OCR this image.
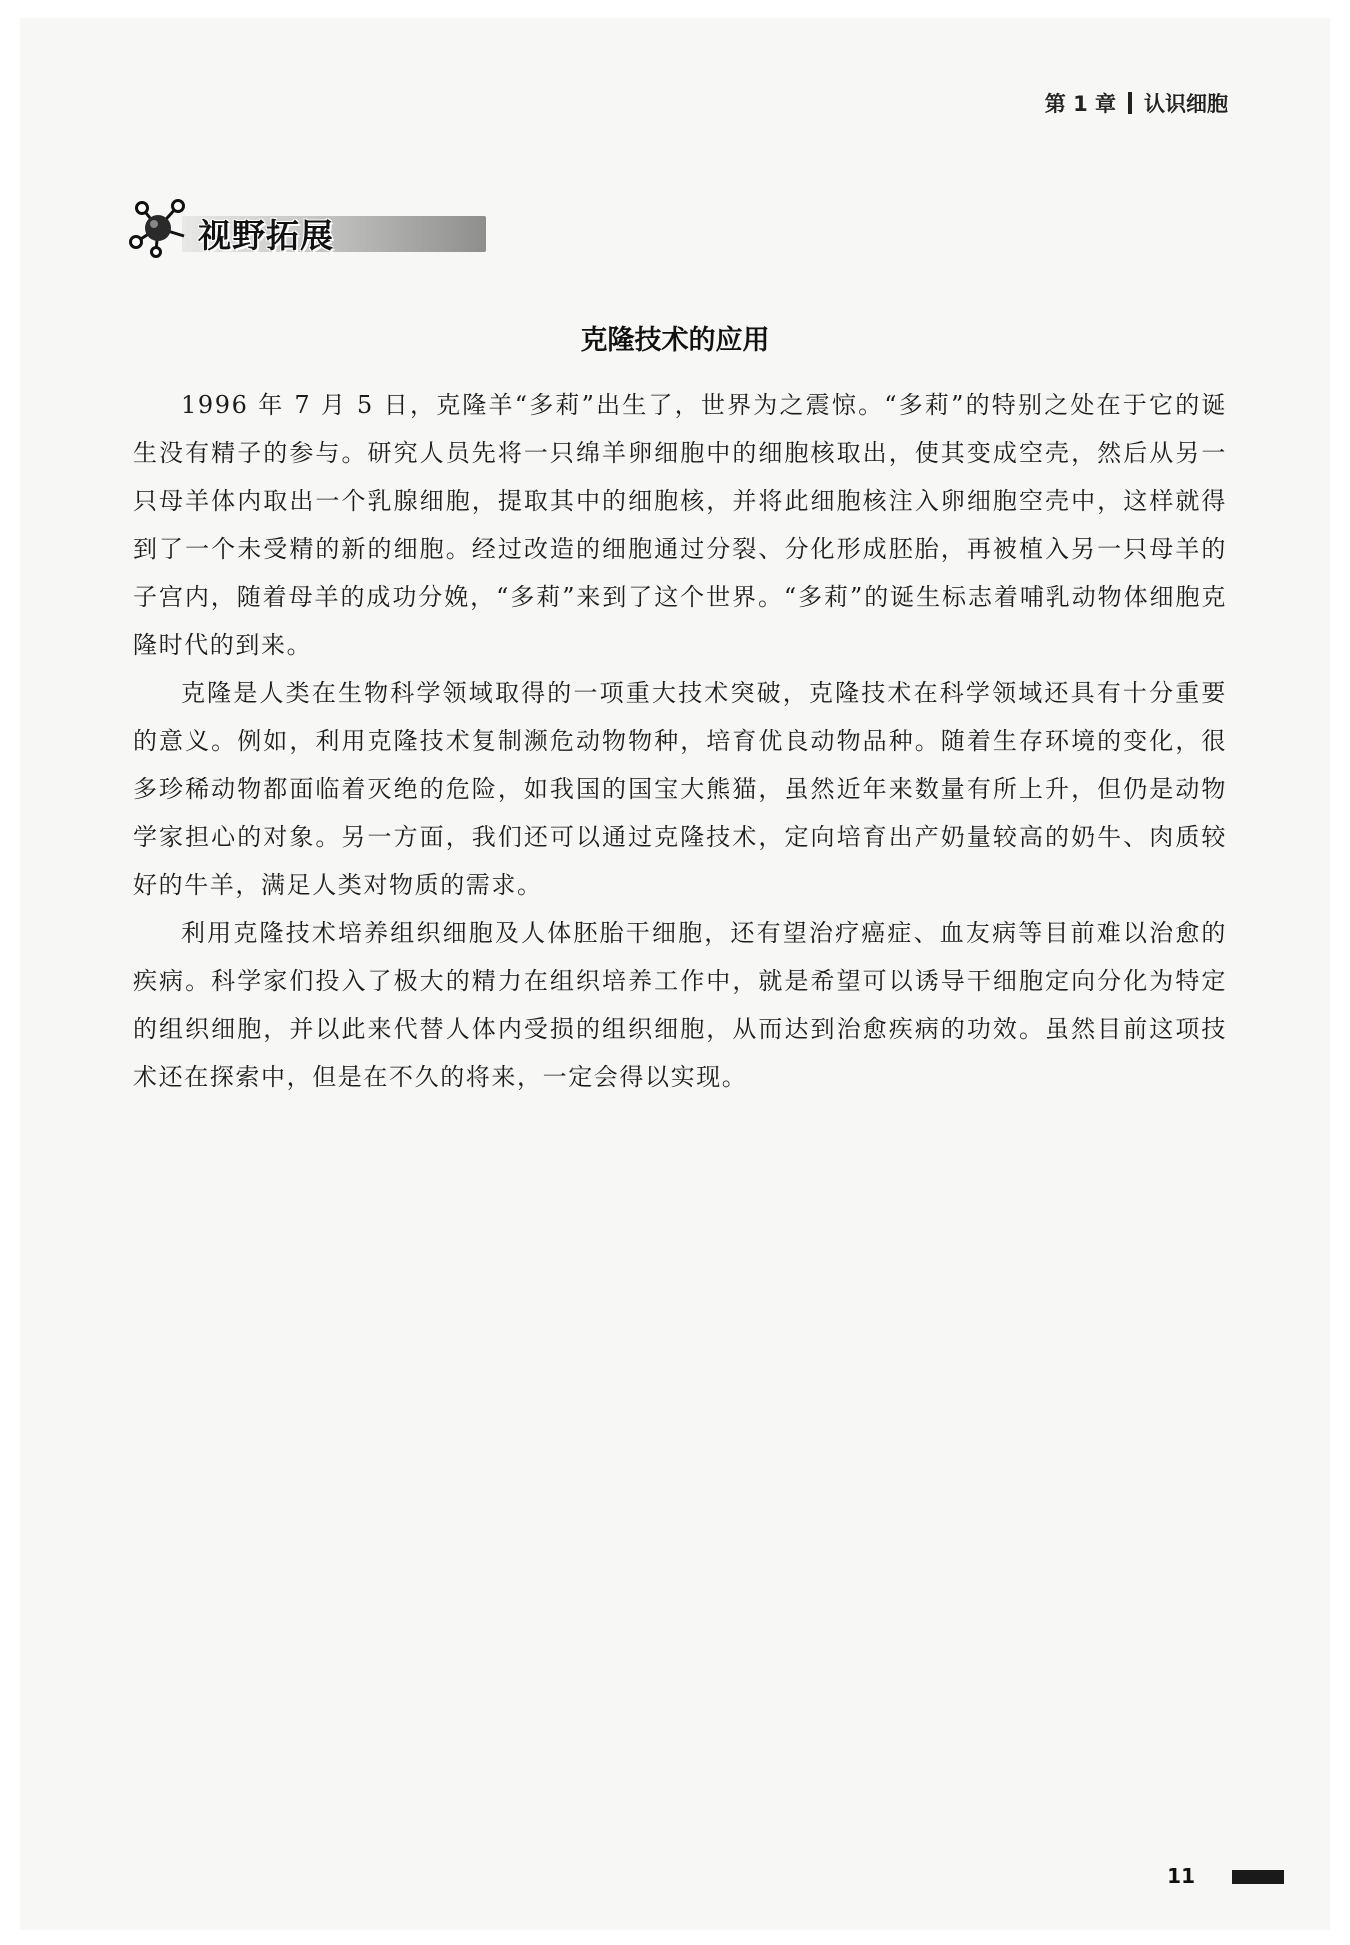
第 1 章 认识细胞
视野拓展
克隆技术的应用

1996 年 7 月 5 日，克隆羊“多莉”出生了，世界为之震惊。“多莉”的特别之处在于它的诞生没有精子的参与。研究人员先将一只绵羊卵细胞中的细胞核取出，使其变成空壳，然后从另一只母羊体内取出一个乳腺细胞，提取其中的细胞核，并将此细胞核注入卵细胞空壳中，这样就得到了一个未受精的新的细胞。经过改造的细胞通过分裂、分化形成胚胎，再被植入另一只母羊的子宫内，随着母羊的成功分娩，“多莉”来到了这个世界。“多莉”的诞生标志着哺乳动物体细胞克隆时代的到来。

克隆是人类在生物科学领域取得的一项重大技术突破，克隆技术在科学领域还具有十分重要的意义。例如，利用克隆技术复制濒危动物物种，培育优良动物品种。随着生存环境的变化，很多珍稀动物都面临着灭绝的危险，如我国的国宝大熊猫，虽然近年来数量有所上升，但仍是动物学家担心的对象。另一方面，我们还可以通过克隆技术，定向培育出产奶量较高的奶牛、肉质较好的牛羊，满足人类对物质的需求。

利用克隆技术培养组织细胞及人体胚胎干细胞，还有望治疗癌症、血友病等目前难以治愈的疾病。科学家们投入了极大的精力在组织培养工作中，就是希望可以诱导干细胞定向分化为特定的组织细胞，并以此来代替人体内受损的组织细胞，从而达到治愈疾病的功效。虽然目前这项技术还在探索中，但是在不久的将来，一定会得以实现。

11
